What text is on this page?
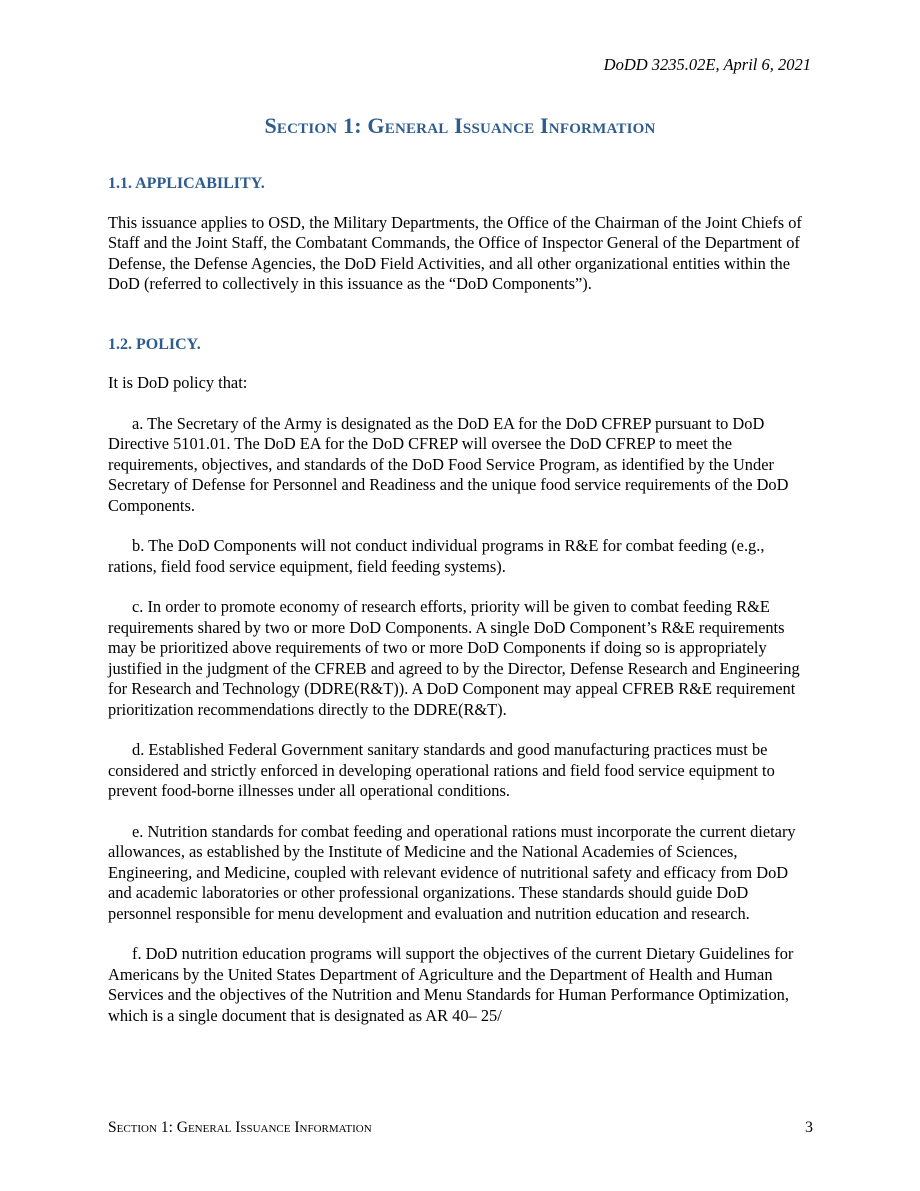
DoDD 3235.02E, April 6, 2021
Section 1: General Issuance Information

1.1. APPLICABILITY.

This issuance applies to OSD, the Military Departments, the Office of the Chairman of the Joint Chiefs of Staff and the Joint Staff, the Combatant Commands, the Office of Inspector General of the Department of Defense, the Defense Agencies, the DoD Field Activities, and all other organizational entities within the DoD (referred to collectively in this issuance as the “DoD Components”).

1.2. POLICY.

It is DoD policy that:

a. The Secretary of the Army is designated as the DoD EA for the DoD CFREP pursuant to DoD Directive 5101.01. The DoD EA for the DoD CFREP will oversee the DoD CFREP to meet the requirements, objectives, and standards of the DoD Food Service Program, as identified by the Under Secretary of Defense for Personnel and Readiness and the unique food service requirements of the DoD Components.

b. The DoD Components will not conduct individual programs in R&E for combat feeding (e.g., rations, field food service equipment, field feeding systems).

c. In order to promote economy of research efforts, priority will be given to combat feeding R&E requirements shared by two or more DoD Components. A single DoD Component’s R&E requirements may be prioritized above requirements of two or more DoD Components if doing so is appropriately justified in the judgment of the CFREB and agreed to by the Director, Defense Research and Engineering for Research and Technology (DDRE(R&T)). A DoD Component may appeal CFREB R&E requirement prioritization recommendations directly to the DDRE(R&T).

d. Established Federal Government sanitary standards and good manufacturing practices must be considered and strictly enforced in developing operational rations and field food service equipment to prevent food-borne illnesses under all operational conditions.

e. Nutrition standards for combat feeding and operational rations must incorporate the current dietary allowances, as established by the Institute of Medicine and the National Academies of Sciences, Engineering, and Medicine, coupled with relevant evidence of nutritional safety and efficacy from DoD and academic laboratories or other professional organizations. These standards should guide DoD personnel responsible for menu development and evaluation and nutrition education and research.

f. DoD nutrition education programs will support the objectives of the current Dietary Guidelines for Americans by the United States Department of Agriculture and the Department of Health and Human Services and the objectives of the Nutrition and Menu Standards for Human Performance Optimization, which is a single document that is designated as AR 40– 25/

Section 1: General Issuance Information	3
